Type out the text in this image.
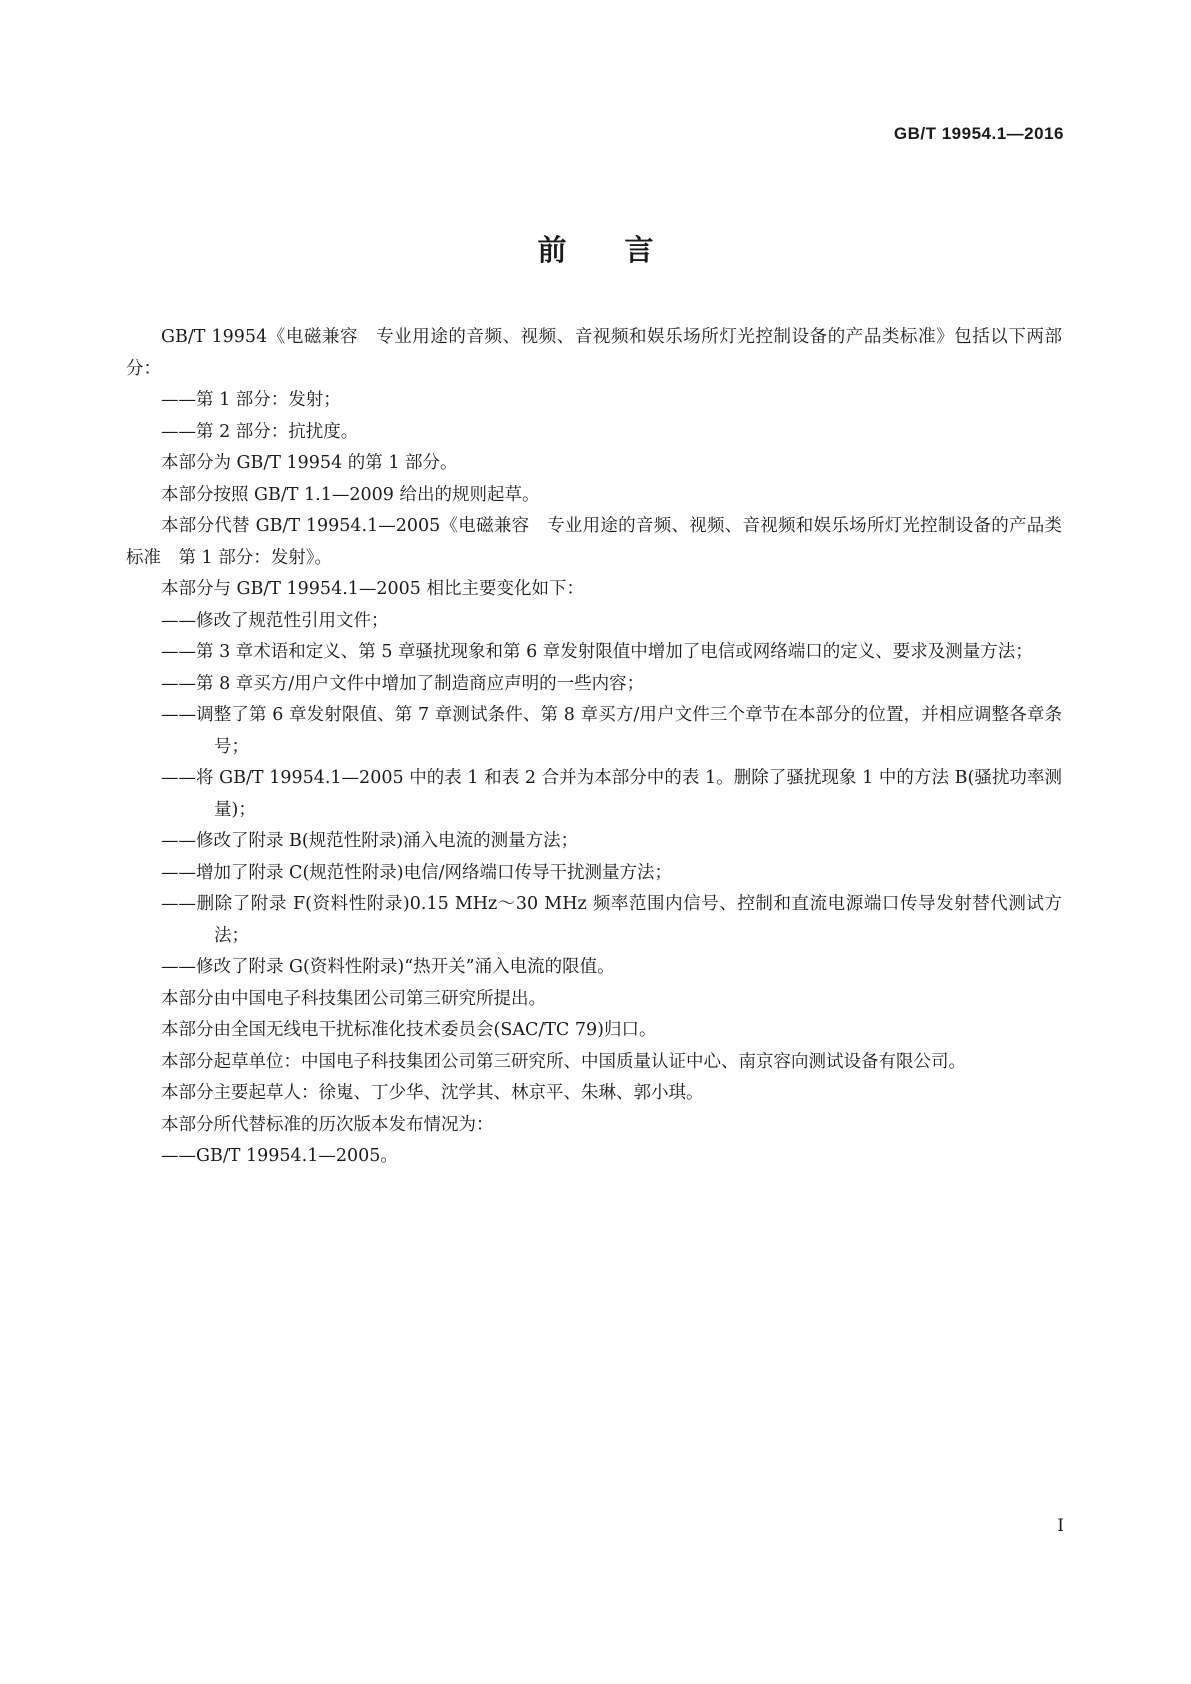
GB/T 19954.1—2016
前言

GB/T 19954《电磁兼容　专业用途的音频、视频、音视频和娱乐场所灯光控制设备的产品类标准》包括以下两部分：

——第 1 部分：发射；

——第 2 部分：抗扰度。

本部分为 GB/T 19954 的第 1 部分。

本部分按照 GB/T 1.1—2009 给出的规则起草。

本部分代替 GB/T 19954.1—2005《电磁兼容　专业用途的音频、视频、音视频和娱乐场所灯光控制设备的产品类标准　第 1 部分：发射》。

本部分与 GB/T 19954.1—2005 相比主要变化如下：

——修改了规范性引用文件；

——第 3 章术语和定义、第 5 章骚扰现象和第 6 章发射限值中增加了电信或网络端口的定义、要求及测量方法；

——第 8 章买方/用户文件中增加了制造商应声明的一些内容；

——调整了第 6 章发射限值、第 7 章测试条件、第 8 章买方/用户文件三个章节在本部分的位置，并相应调整各章条号；

——将 GB/T 19954.1—2005 中的表 1 和表 2 合并为本部分中的表 1。删除了骚扰现象 1 中的方法 B(骚扰功率测量)；

——修改了附录 B(规范性附录)涌入电流的测量方法；

——增加了附录 C(规范性附录)电信/网络端口传导干扰测量方法；

——删除了附录 F(资料性附录)0.15 MHz～30 MHz 频率范围内信号、控制和直流电源端口传导发射替代测试方法；

——修改了附录 G(资料性附录)“热开关”涌入电流的限值。

本部分由中国电子科技集团公司第三研究所提出。

本部分由全国无线电干扰标准化技术委员会(SAC/TC 79)归口。

本部分起草单位：中国电子科技集团公司第三研究所、中国质量认证中心、南京容向测试设备有限公司。

本部分主要起草人：徐嵬、丁少华、沈学其、林京平、朱琳、郭小琪。

本部分所代替标准的历次版本发布情况为：

——GB/T 19954.1—2005。

I
